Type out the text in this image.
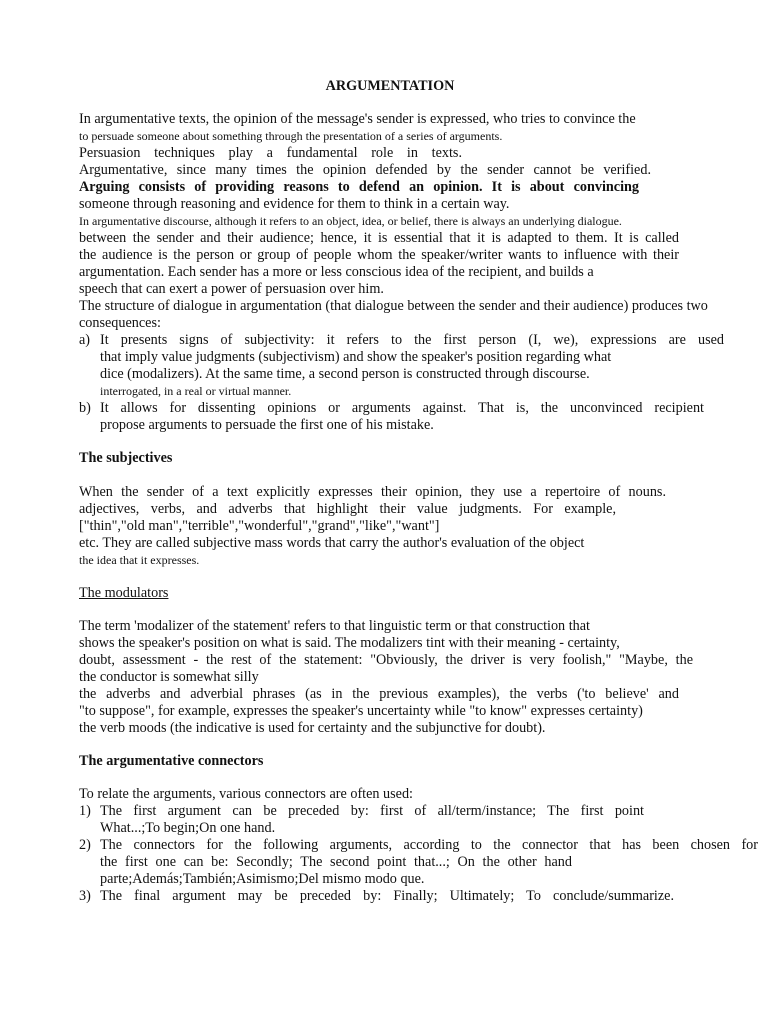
ARGUMENTATION
In argumentative texts, the opinion of the message's sender is expressed, who tries to convince the
to persuade someone about something through the presentation of a series of arguments.
Persuasion techniques play a fundamental role in texts.
Argumentative, since many times the opinion defended by the sender cannot be verified.
Arguing consists of providing reasons to defend an opinion. It is about convincing
someone through reasoning and evidence for them to think in a certain way.
In argumentative discourse, although it refers to an object, idea, or belief, there is always an underlying dialogue.
between the sender and their audience; hence, it is essential that it is adapted to them. It is called
the audience is the person or group of people whom the speaker/writer wants to influence with their
argumentation. Each sender has a more or less conscious idea of the recipient, and builds a
speech that can exert a power of persuasion over him.
The structure of dialogue in argumentation (that dialogue between the sender and their audience) produces two
consequences:
a) It presents signs of subjectivity: it refers to the first person (I, we), expressions are used
that imply value judgments (subjectivism) and show the speaker's position regarding what
dice (modalizers). At the same time, a second person is constructed through discourse.
interrogated, in a real or virtual manner.
b) It allows for dissenting opinions or arguments against. That is, the unconvinced recipient
propose arguments to persuade the first one of his mistake.
The subjectives
When the sender of a text explicitly expresses their opinion, they use a repertoire of nouns.
adjectives, verbs, and adverbs that highlight their value judgments. For example,
["thin","old man","terrible","wonderful","grand","like","want"]
etc. They are called subjective mass words that carry the author's evaluation of the object
the idea that it expresses.
The modulators
The term 'modalizer of the statement' refers to that linguistic term or that construction that
shows the speaker's position on what is said. The modalizers tint with their meaning - certainty,
doubt, assessment - the rest of the statement: "Obviously, the driver is very foolish," "Maybe, the
the conductor is somewhat silly
the adverbs and adverbial phrases (as in the previous examples), the verbs ('to believe' and
"to suppose", for example, expresses the speaker's uncertainty while "to know" expresses certainty)
the verb moods (the indicative is used for certainty and the subjunctive for doubt).
The argumentative connectors
To relate the arguments, various connectors are often used:
1) The first argument can be preceded by: first of all/term/instance; The first point
What...;To begin;On one hand.
2) The connectors for the following arguments, according to the connector that has been chosen for
the first one can be: Secondly; The second point that...; On the other hand
parte;Además;También;Asimismo;Del mismo modo que.
3) The final argument may be preceded by: Finally; Ultimately; To conclude/summarize.
